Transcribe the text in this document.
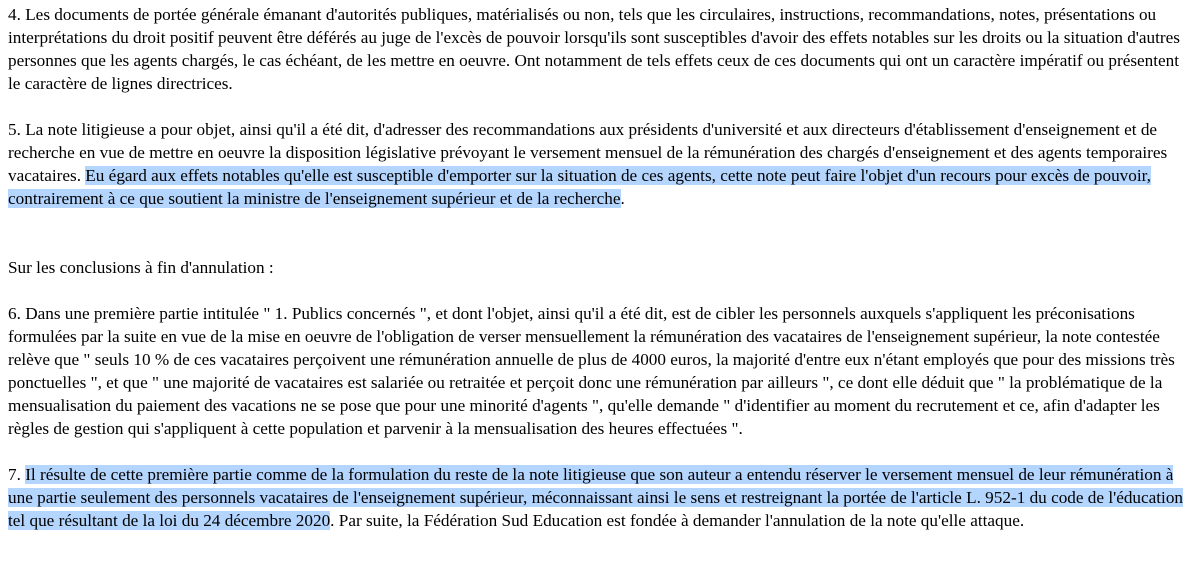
4. Les documents de portée générale émanant d'autorités publiques, matérialisés ou non, tels que les circulaires, instructions, recommandations, notes, présentations ou interprétations du droit positif peuvent être déférés au juge de l'excès de pouvoir lorsqu'ils sont susceptibles d'avoir des effets notables sur les droits ou la situation d'autres personnes que les agents chargés, le cas échéant, de les mettre en oeuvre. Ont notamment de tels effets ceux de ces documents qui ont un caractère impératif ou présentent le caractère de lignes directrices.

5. La note litigieuse a pour objet, ainsi qu'il a été dit, d'adresser des recommandations aux présidents d'université et aux directeurs d'établissement d'enseignement et de recherche en vue de mettre en oeuvre la disposition législative prévoyant le versement mensuel de la rémunération des chargés d'enseignement et des agents temporaires vacataires. Eu égard aux effets notables qu'elle est susceptible d'emporter sur la situation de ces agents, cette note peut faire l'objet d'un recours pour excès de pouvoir, contrairement à ce que soutient la ministre de l'enseignement supérieur et de la recherche.

Sur les conclusions à fin d'annulation :

6. Dans une première partie intitulée " 1. Publics concernés ", et dont l'objet, ainsi qu'il a été dit, est de cibler les personnels auxquels s'appliquent les préconisations formulées par la suite en vue de la mise en oeuvre de l'obligation de verser mensuellement la rémunération des vacataires de l'enseignement supérieur, la note contestée relève que " seuls 10 % de ces vacataires perçoivent une rémunération annuelle de plus de 4000 euros, la majorité d'entre eux n'étant employés que pour des missions très ponctuelles ", et que " une majorité de vacataires est salariée ou retraitée et perçoit donc une rémunération par ailleurs ", ce dont elle déduit que " la problématique de la mensualisation du paiement des vacations ne se pose que pour une minorité d'agents ", qu'elle demande " d'identifier au moment du recrutement et ce, afin d'adapter les règles de gestion qui s'appliquent à cette population et parvenir à la mensualisation des heures effectuées ".

7. Il résulte de cette première partie comme de la formulation du reste de la note litigieuse que son auteur a entendu réserver le versement mensuel de leur rémunération à une partie seulement des personnels vacataires de l'enseignement supérieur, méconnaissant ainsi le sens et restreignant la portée de l'article L. 952-1 du code de l'éducation tel que résultant de la loi du 24 décembre 2020. Par suite, la Fédération Sud Education est fondée à demander l'annulation de la note qu'elle attaque.
